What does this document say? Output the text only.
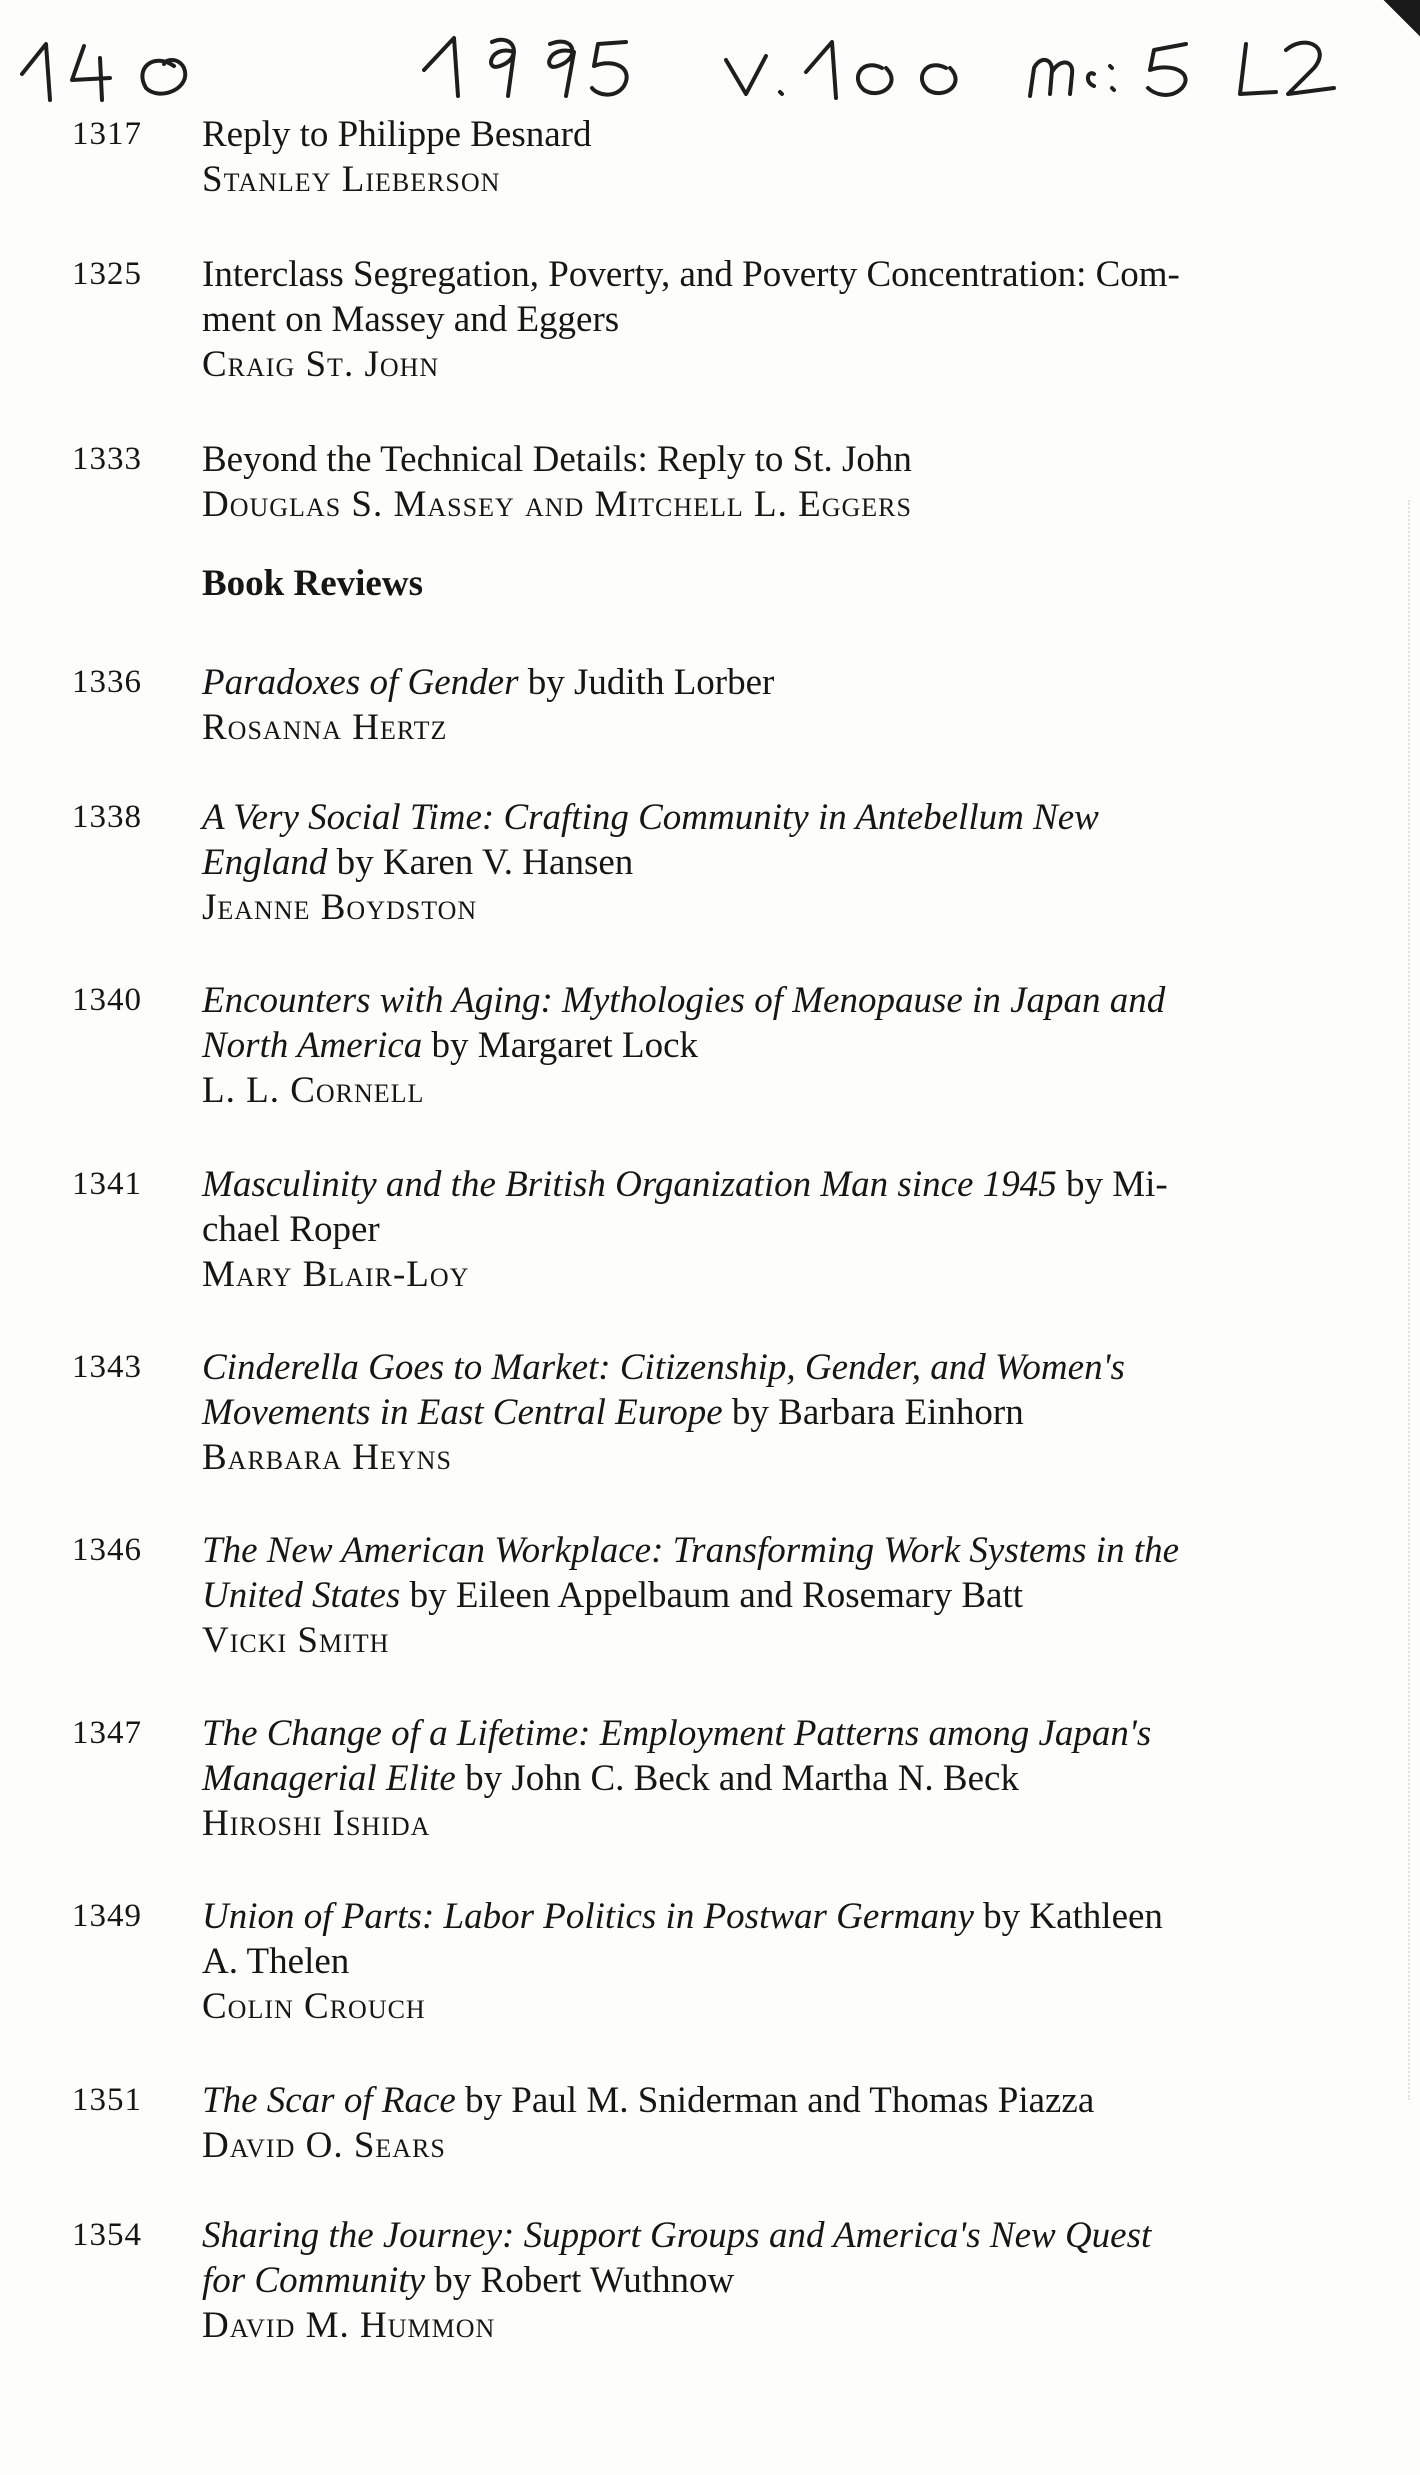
1317	Reply to Philippe Besnard
Stanley Lieberson
1325	Interclass Segregation, Poverty, and Poverty Concentration: Com-
ment on Massey and Eggers
Craig St. John
1333	Beyond the Technical Details: Reply to St. John
Douglas S. Massey and Mitchell L. Eggers
Book Reviews
1336	Paradoxes of Gender by Judith Lorber
Rosanna Hertz
1338	A Very Social Time: Crafting Community in Antebellum New
England by Karen V. Hansen
Jeanne Boydston
1340	Encounters with Aging: Mythologies of Menopause in Japan and
North America by Margaret Lock
L. L. Cornell
1341	Masculinity and the British Organization Man since 1945 by Mi-
chael Roper
Mary Blair-Loy
1343	Cinderella Goes to Market: Citizenship, Gender, and Women's
Movements in East Central Europe by Barbara Einhorn
Barbara Heyns
1346	The New American Workplace: Transforming Work Systems in the
United States by Eileen Appelbaum and Rosemary Batt
Vicki Smith
1347	The Change of a Lifetime: Employment Patterns among Japan's
Managerial Elite by John C. Beck and Martha N. Beck
Hiroshi Ishida
1349	Union of Parts: Labor Politics in Postwar Germany by Kathleen
A. Thelen
Colin Crouch
1351	The Scar of Race by Paul M. Sniderman and Thomas Piazza
David O. Sears
1354	Sharing the Journey: Support Groups and America's New Quest
for Community by Robert Wuthnow
David M. Hummon
